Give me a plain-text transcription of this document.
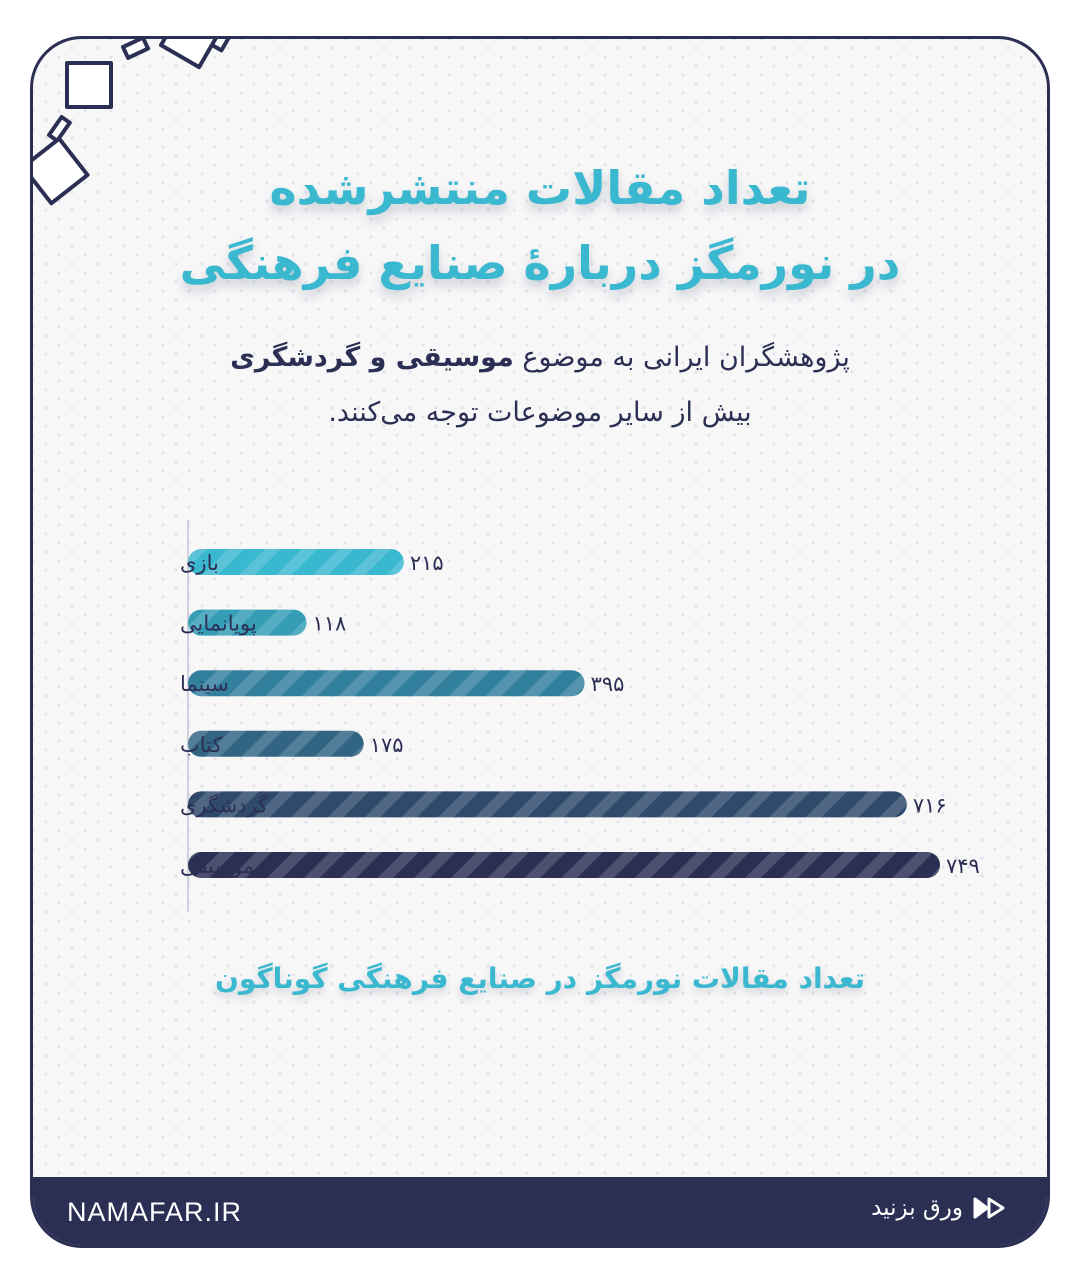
NAMAFAR.IR	ورق بزنید
تعداد مقالات منتشرشده
در نورمگز درباره‌ٔ صنایع فرهنگی
پژوهشگران ایرانی به موضوع موسیقی و گردشگری
بیش از سایر موضوعات توجه می‌کنند.
بازی	۲۱۵
پویانمایی	۱۱۸
سینما	۳۹۵
کتاب	۱۷۵
گردشگری	۷۱۶
موسیقی	۷۴۹
تعداد مقالات نورمگز در صنایع فرهنگی گوناگون
